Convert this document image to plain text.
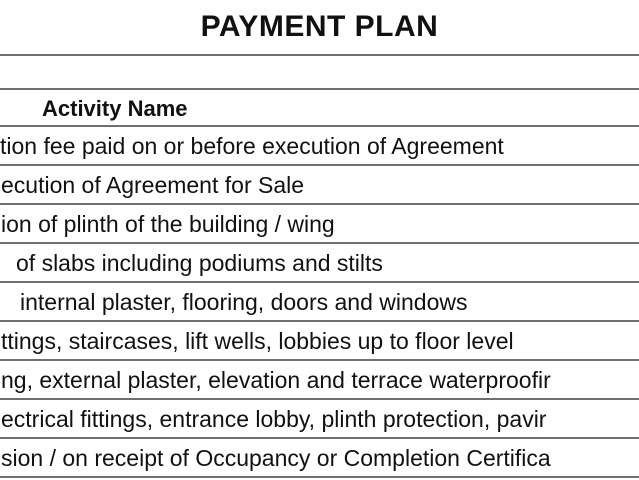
PAYMENT PLAN
Activity Name
tion fee paid on or before execution of Agreement
ecution of Agreement for Sale
ion of plinth of the building / wing
of slabs including podiums and stilts
internal plaster, flooring, doors and windows
ttings, staircases, lift wells, lobbies up to floor level
ng, external plaster, elevation and terrace waterproofir
ectrical fittings, entrance lobby, plinth protection, pavir
sion / on receipt of Occupancy or Completion Certifica
